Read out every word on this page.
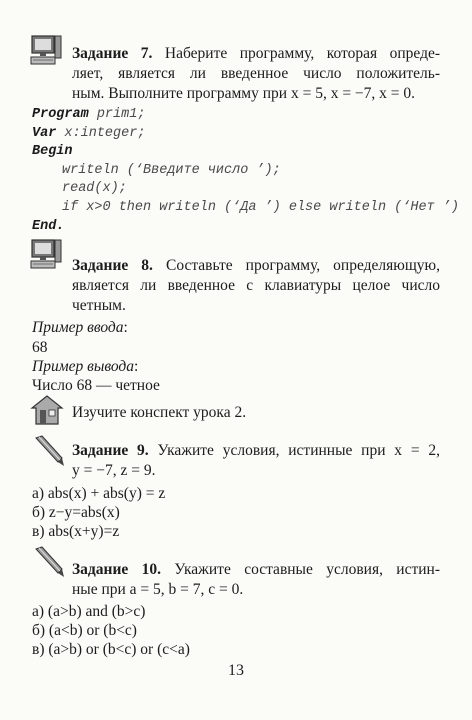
Задание 7. Наберите программу, которая опреде-
ляет, является ли введенное число положитель-
ным. Выполните программу при x = 5, x = −7, x = 0.
Program prim1;
Var x:integer;
Begin
writeln (‘Введите число ’);
read(x);
if x>0 then writeln (‘Да ’) else writeln (‘Нет ’)
End.
Задание 8. Составьте программу, определяющую,
является ли введенное с клавиатуры целое число
четным.
Пример ввода:
68
Пример вывода:
Число 68 — четное
Изучите конспект урока 2.
Задание 9. Укажите условия, истинные при x = 2,
y = −7, z = 9.
а) abs(x) + abs(y) = z
б) z−y=abs(x)
в) abs(x+y)=z
Задание 10. Укажите составные условия, истин-
ные при a = 5, b = 7, c = 0.
а) (a>b) and (b>c)
б) (a<b) or (b<c)
в) (a>b) or (b<c) or (c<a)
13
